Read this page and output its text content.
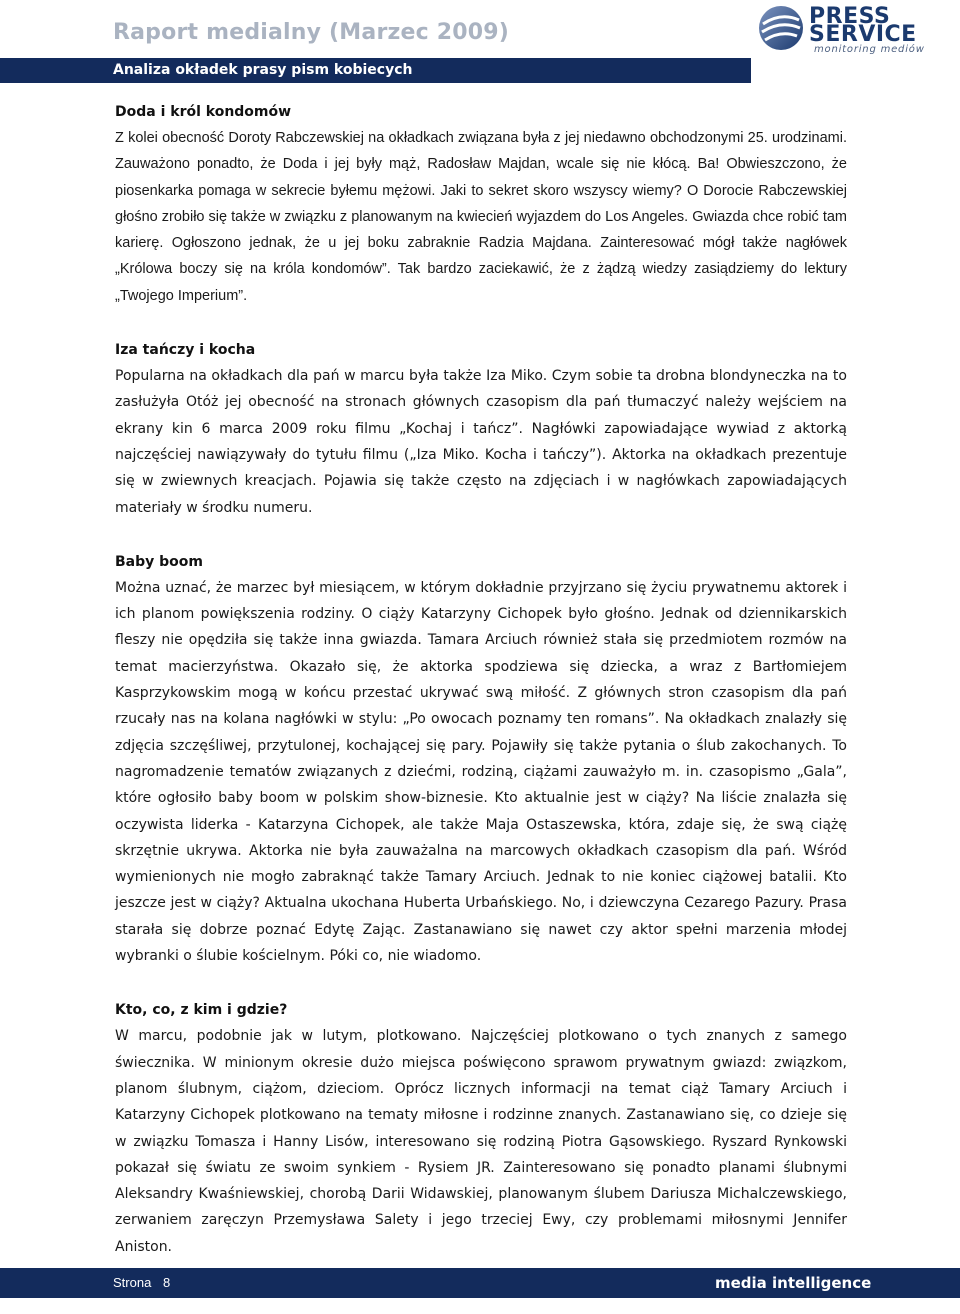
Raport medialny (Marzec 2009)
Analiza okładek prasy pism kobiecych
PRESS
SERVICE
monitoring mediów
Doda i król kondomów

Z kolei obecność Doroty Rabczewskiej na okładkach związana była z jej niedawno obchodzonymi 25. urodzinami. Zauważono ponadto, że Doda i jej były mąż, Radosław Majdan, wcale się nie kłócą. Ba! Obwieszczono, że piosenkarka pomaga w sekrecie byłemu mężowi. Jaki to sekret skoro wszyscy wiemy? O Dorocie Rabczewskiej głośno zrobiło się także w związku z planowanym na kwiecień wyjazdem do Los Angeles. Gwiazda chce robić tam karierę. Ogłoszono jednak, że u jej boku zabraknie Radzia Majdana. Zainteresować mógł także nagłówek „Królowa boczy się na króla kondomów”. Tak bardzo zaciekawić, że z żądzą wiedzy zasiądziemy do lektury „Twojego Imperium”.

Iza tańczy i kocha

Popularna na okładkach dla pań w marcu była także Iza Miko. Czym sobie ta drobna blondyneczka na to zasłużyła Otóż jej obecność na stronach głównych czasopism dla pań tłumaczyć należy wejściem na ekrany kin 6 marca 2009 roku filmu „Kochaj i tańcz”. Nagłówki zapowiadające wywiad z aktorką najczęściej nawiązywały do tytułu filmu („Iza Miko. Kocha i tańczy”). Aktorka na okładkach prezentuje się w zwiewnych kreacjach. Pojawia się także często na zdjęciach i w nagłówkach zapowiadających materiały w środku numeru.

Baby boom

Można uznać, że marzec był miesiącem, w którym dokładnie przyjrzano się życiu prywatnemu aktorek i ich planom powiększenia rodziny. O ciąży Katarzyny Cichopek było głośno. Jednak od dziennikarskich fleszy nie opędziła się także inna gwiazda. Tamara Arciuch również stała się przedmiotem rozmów na temat macierzyństwa. Okazało się, że aktorka spodziewa się dziecka, a wraz z Bartłomiejem Kasprzykowskim mogą w końcu przestać ukrywać swą miłość. Z głównych stron czasopism dla pań rzucały nas na kolana nagłówki w stylu: „Po owocach poznamy ten romans”. Na okładkach znalazły się zdjęcia szczęśliwej, przytulonej, kochającej się pary. Pojawiły się także pytania o ślub zakochanych. To nagromadzenie tematów związanych z dziećmi, rodziną, ciążami zauważyło m. in. czasopismo „Gala”, które ogłosiło baby boom w polskim show-biznesie. Kto aktualnie jest w ciąży? Na liście znalazła się oczywista liderka - Katarzyna Cichopek, ale także Maja Ostaszewska, która, zdaje się, że swą ciążę skrzętnie ukrywa. Aktorka nie była zauważalna na marcowych okładkach czasopism dla pań. Wśród wymienionych nie mogło zabraknąć także Tamary Arciuch. Jednak to nie koniec ciążowej batalii. Kto jeszcze jest w ciąży? Aktualna ukochana Huberta Urbańskiego. No, i dziewczyna Cezarego Pazury. Prasa starała się dobrze poznać Edytę Zając. Zastanawiano się nawet czy aktor spełni marzenia młodej wybranki o ślubie kościelnym. Póki co, nie wiadomo.

Kto, co, z kim i gdzie?

W marcu, podobnie jak w lutym, plotkowano. Najczęściej plotkowano o tych znanych z samego świecznika. W minionym okresie dużo miejsca poświęcono sprawom prywatnym gwiazd: związkom, planom ślubnym, ciążom, dzieciom. Oprócz licznych informacji na temat ciąż Tamary Arciuch i Katarzyny Cichopek plotkowano na tematy miłosne i rodzinne znanych. Zastanawiano się, co dzieje się w związku Tomasza i Hanny Lisów, interesowano się rodziną Piotra Gąsowskiego. Ryszard Rynkowski pokazał się światu ze swoim synkiem - Rysiem JR. Zainteresowano się ponadto planami ślubnymi Aleksandry Kwaśniewskiej, chorobą Darii Widawskiej, planowanym ślubem Dariusza Michalczewskiego, zerwaniem zaręczyn Przemysława Salety i jego trzeciej Ewy, czy problemami miłosnymi Jennifer Aniston.

Strona 8	media intelligence
